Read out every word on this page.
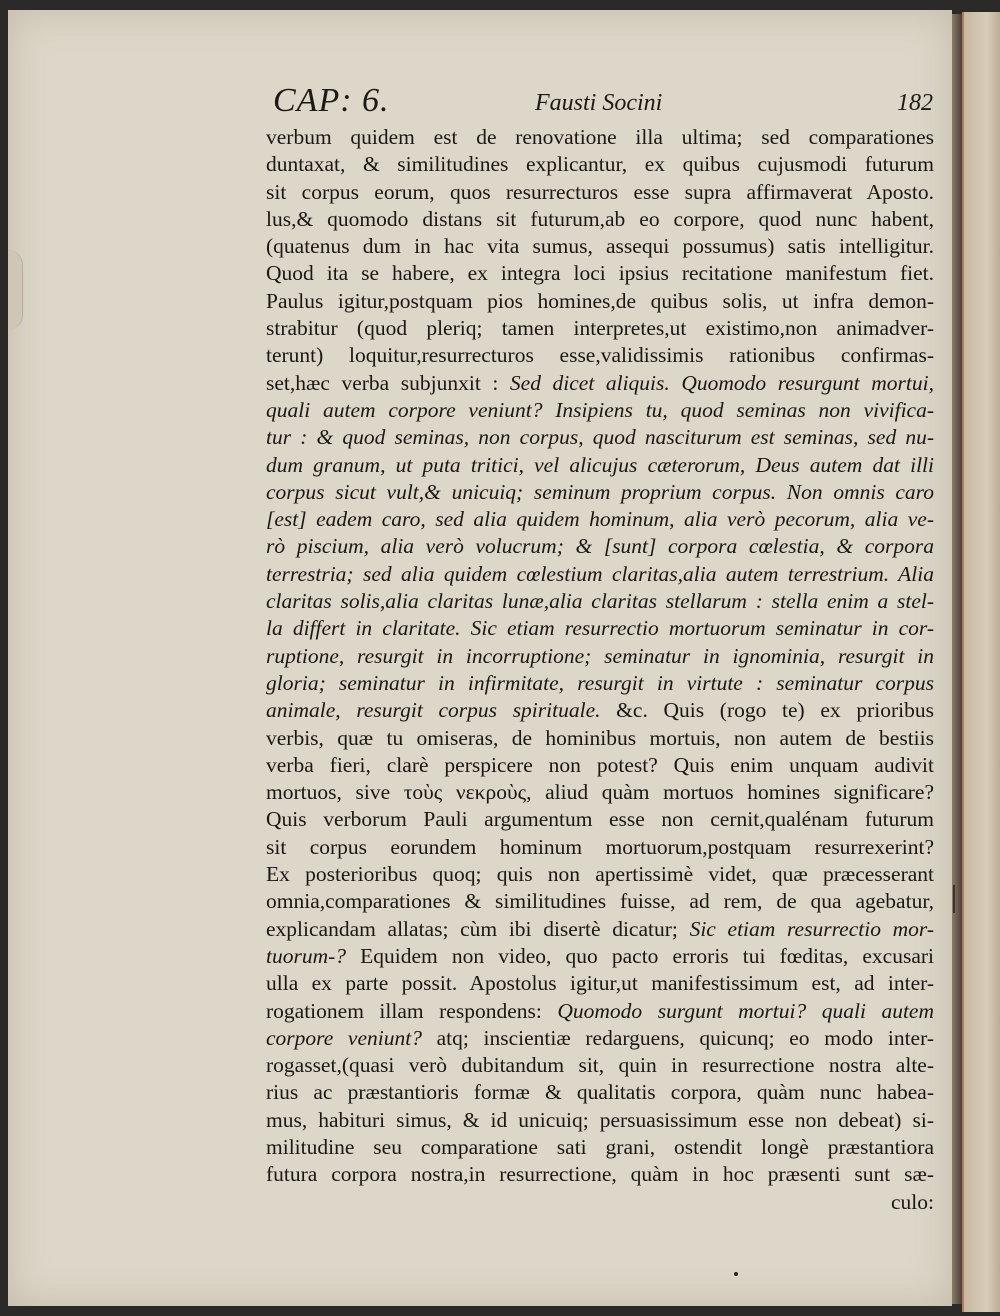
CAP: 6.	Fausti Socini	182
verbum quidem est de renovatione illa ultima; sed comparationes
duntaxat, & similitudines explicantur, ex quibus cujusmodi futurum
sit corpus eorum, quos resurrecturos esse supra affirmaverat Aposto.
lus,& quomodo distans sit futurum,ab eo corpore, quod nunc habent,
(quatenus dum in hac vita sumus, assequi possumus) satis intelligitur.
Quod ita se habere, ex integra loci ipsius recitatione manifestum fiet.
Paulus igitur,postquam pios homines,de quibus solis, ut infra demon-
strabitur (quod pleriq; tamen interpretes,ut existimo,non animadver-
terunt) loquitur,resurrecturos esse,validissimis rationibus confirmas-
set,hæc verba subjunxit : Sed dicet aliquis. Quomodo resurgunt mortui,
quali autem corpore veniunt? Insipiens tu, quod seminas non vivifica-
tur : & quod seminas, non corpus, quod nasciturum est seminas, sed nu-
dum granum, ut puta tritici, vel alicujus cæterorum, Deus autem dat illi
corpus sicut vult,& unicuiq; seminum proprium corpus. Non omnis caro
[est] eadem caro, sed alia quidem hominum, alia verò pecorum, alia ve-
rò piscium, alia verò volucrum; & [sunt] corpora cœlestia, & corpora
terrestria; sed alia quidem cœlestium claritas,alia autem terrestrium. Alia
claritas solis,alia claritas lunæ,alia claritas stellarum : stella enim a stel-
la differt in claritate. Sic etiam resurrectio mortuorum seminatur in cor-
ruptione, resurgit in incorruptione; seminatur in ignominia, resurgit in
gloria; seminatur in infirmitate, resurgit in virtute : seminatur corpus
animale, resurgit corpus spirituale. &c. Quis (rogo te) ex prioribus
verbis, quæ tu omiseras, de hominibus mortuis, non autem de bestiis
verba fieri, clarè perspicere non potest? Quis enim unquam audivit
mortuos, sive τοὺς νεκροὺς, aliud quàm mortuos homines significare?
Quis verborum Pauli argumentum esse non cernit,qualénam futurum
sit corpus eorundem hominum mortuorum,postquam resurrexerint?
Ex posterioribus quoq; quis non apertissimè videt, quæ præcesserant
omnia,comparationes & similitudines fuisse, ad rem, de qua agebatur,
explicandam allatas; cùm ibi disertè dicatur; Sic etiam resurrectio mor-
tuorum-? Equidem non video, quo pacto erroris tui fœditas, excusari
ulla ex parte possit. Apostolus igitur,ut manifestissimum est, ad inter-
rogationem illam respondens: Quomodo surgunt mortui? quali autem
corpore veniunt? atq; inscientiæ redarguens, quicunq; eo modo inter-
rogasset,(quasi verò dubitandum sit, quin in resurrectione nostra alte-
rius ac præstantioris formæ & qualitatis corpora, quàm nunc habea-
mus, habituri simus, & id unicuiq; persuasissimum esse non debeat) si-
militudine seu comparatione sati grani, ostendit longè præstantiora
futura corpora nostra,in resurrectione, quàm in hoc præsenti sunt sæ-
culo:
